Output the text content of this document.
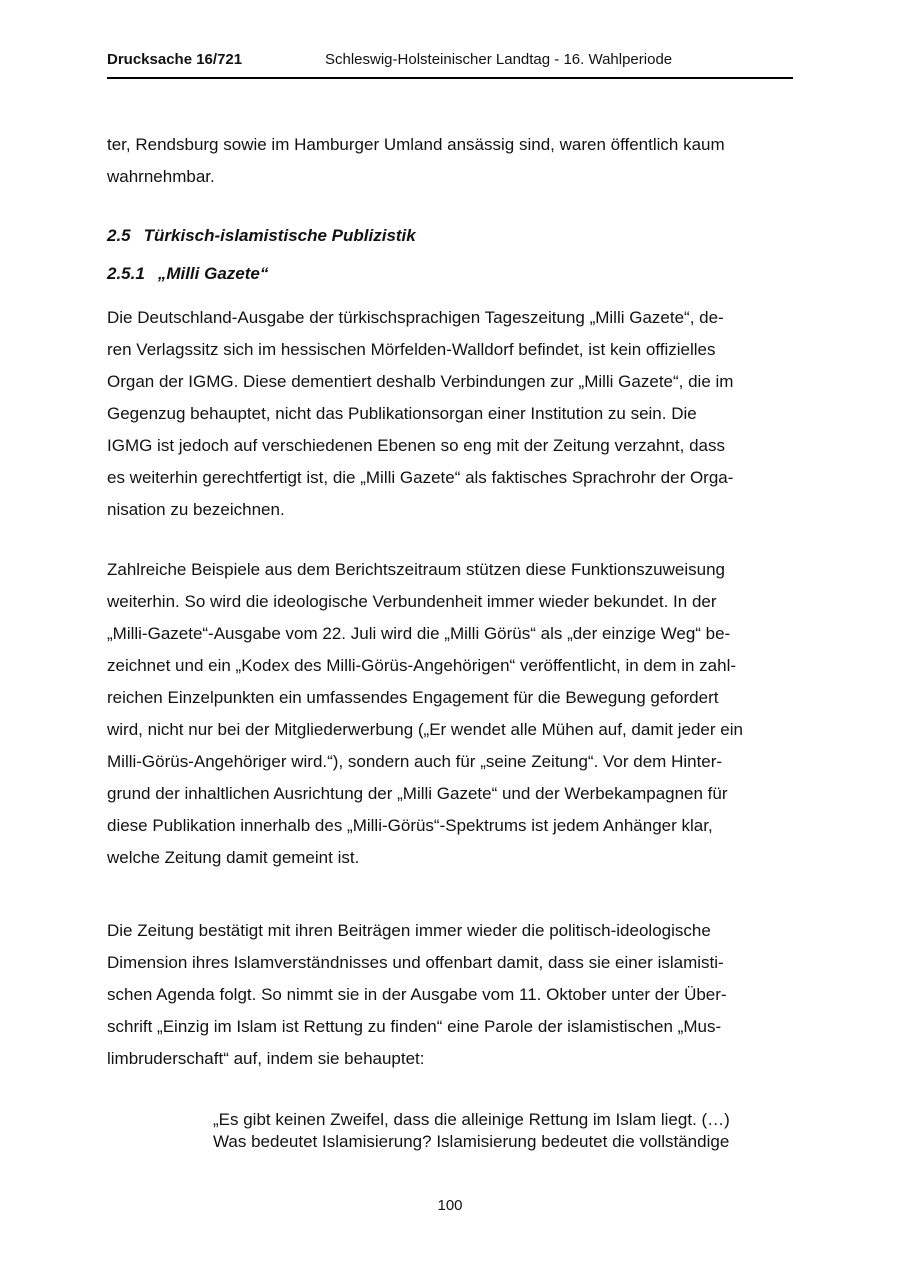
Drucksache 16/721	Schleswig-Holsteinischer Landtag - 16. Wahlperiode
ter, Rendsburg sowie im Hamburger Umland ansässig sind, waren öffentlich kaum
wahrnehmbar.
2.5 Türkisch-islamistische Publizistik
2.5.1 „Milli Gazete“
Die Deutschland-Ausgabe der türkischsprachigen Tageszeitung „Milli Gazete“, de-
ren Verlagssitz sich im hessischen Mörfelden-Walldorf befindet, ist kein offizielles
Organ der IGMG. Diese dementiert deshalb Verbindungen zur „Milli Gazete“, die im
Gegenzug behauptet, nicht das Publikationsorgan einer Institution zu sein. Die
IGMG ist jedoch auf verschiedenen Ebenen so eng mit der Zeitung verzahnt, dass
es weiterhin gerechtfertigt ist, die „Milli Gazete“ als faktisches Sprachrohr der Orga-
nisation zu bezeichnen.
Zahlreiche Beispiele aus dem Berichtszeitraum stützen diese Funktionszuweisung
weiterhin. So wird die ideologische Verbundenheit immer wieder bekundet. In der
„Milli-Gazete“-Ausgabe vom 22. Juli wird die „Milli Görüs“ als „der einzige Weg“ be-
zeichnet und ein „Kodex des Milli-Görüs-Angehörigen“ veröffentlicht, in dem in zahl-
reichen Einzelpunkten ein umfassendes Engagement für die Bewegung gefordert
wird, nicht nur bei der Mitgliederwerbung („Er wendet alle Mühen auf, damit jeder ein
Milli-Görüs-Angehöriger wird.“), sondern auch für „seine Zeitung“. Vor dem Hinter-
grund der inhaltlichen Ausrichtung der „Milli Gazete“ und der Werbekampagnen für
diese Publikation innerhalb des „Milli-Görüs“-Spektrums ist jedem Anhänger klar,
welche Zeitung damit gemeint ist.
Die Zeitung bestätigt mit ihren Beiträgen immer wieder die politisch-ideologische
Dimension ihres Islamverständnisses und offenbart damit, dass sie einer islamisti-
schen Agenda folgt. So nimmt sie in der Ausgabe vom 11. Oktober unter der Über-
schrift „Einzig im Islam ist Rettung zu finden“ eine Parole der islamistischen „Mus-
limbruderschaft“ auf, indem sie behauptet:
„Es gibt keinen Zweifel, dass die alleinige Rettung im Islam liegt. (…)
Was bedeutet Islamisierung? Islamisierung bedeutet die vollständige
100
